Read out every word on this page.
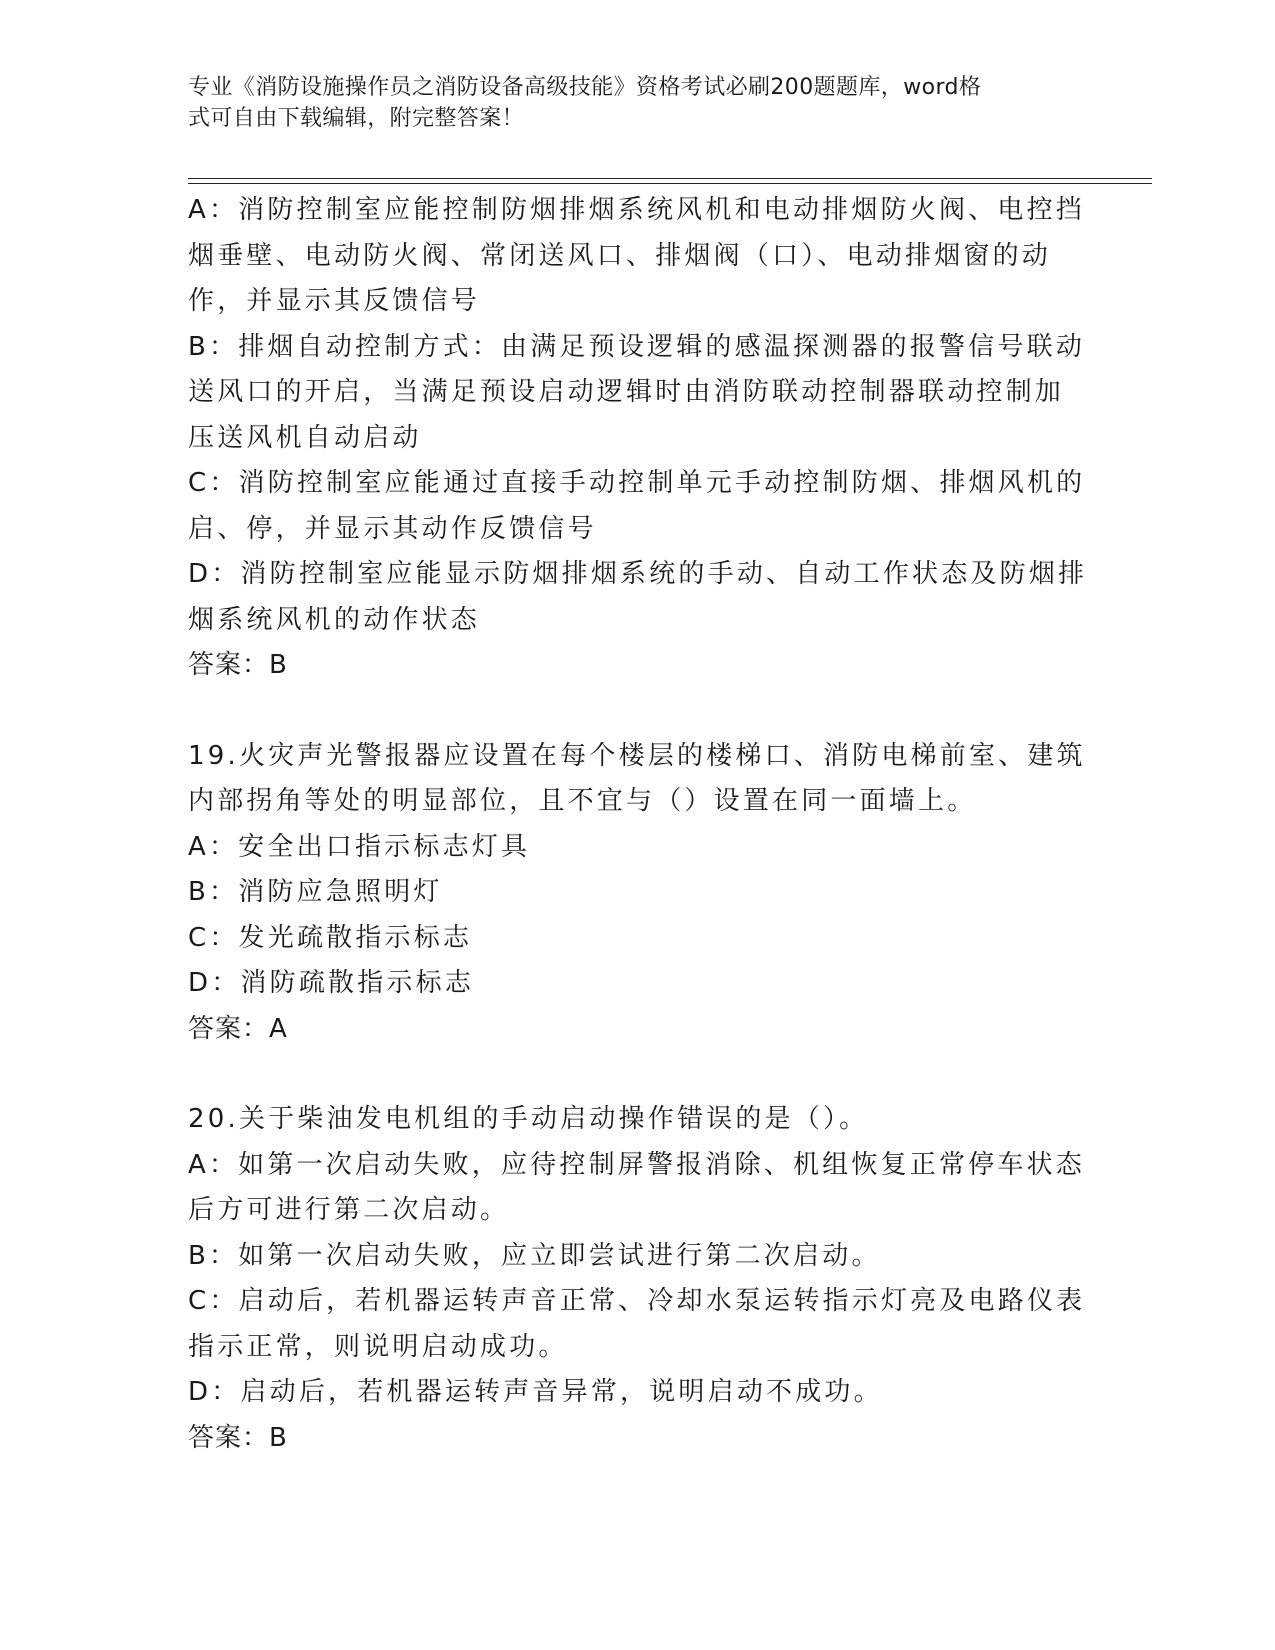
专业《消防设施操作员之消防设备高级技能》资格考试必刷200题题库，word格
式可自由下载编辑，附完整答案！
A：消防控制室应能控制防烟排烟系统风机和电动排烟防火阀、电控挡
烟垂壁、电动防火阀、常闭送风口、排烟阀（口）、电动排烟窗的动
作，并显示其反馈信号
B：排烟自动控制方式：由满足预设逻辑的感温探测器的报警信号联动
送风口的开启，当满足预设启动逻辑时由消防联动控制器联动控制加
压送风机自动启动
C：消防控制室应能通过直接手动控制单元手动控制防烟、排烟风机的
启、停，并显示其动作反馈信号
D：消防控制室应能显示防烟排烟系统的手动、自动工作状态及防烟排
烟系统风机的动作状态
答案：B
19.火灾声光警报器应设置在每个楼层的楼梯口、消防电梯前室、建筑
内部拐角等处的明显部位，且不宜与（）设置在同一面墙上。
A：安全出口指示标志灯具
B：消防应急照明灯
C：发光疏散指示标志
D：消防疏散指示标志
答案：A
20.关于柴油发电机组的手动启动操作错误的是（）。
A：如第一次启动失败，应待控制屏警报消除、机组恢复正常停车状态
后方可进行第二次启动。
B：如第一次启动失败，应立即尝试进行第二次启动。
C：启动后，若机器运转声音正常、冷却水泵运转指示灯亮及电路仪表
指示正常，则说明启动成功。
D：启动后，若机器运转声音异常，说明启动不成功。
答案：B
